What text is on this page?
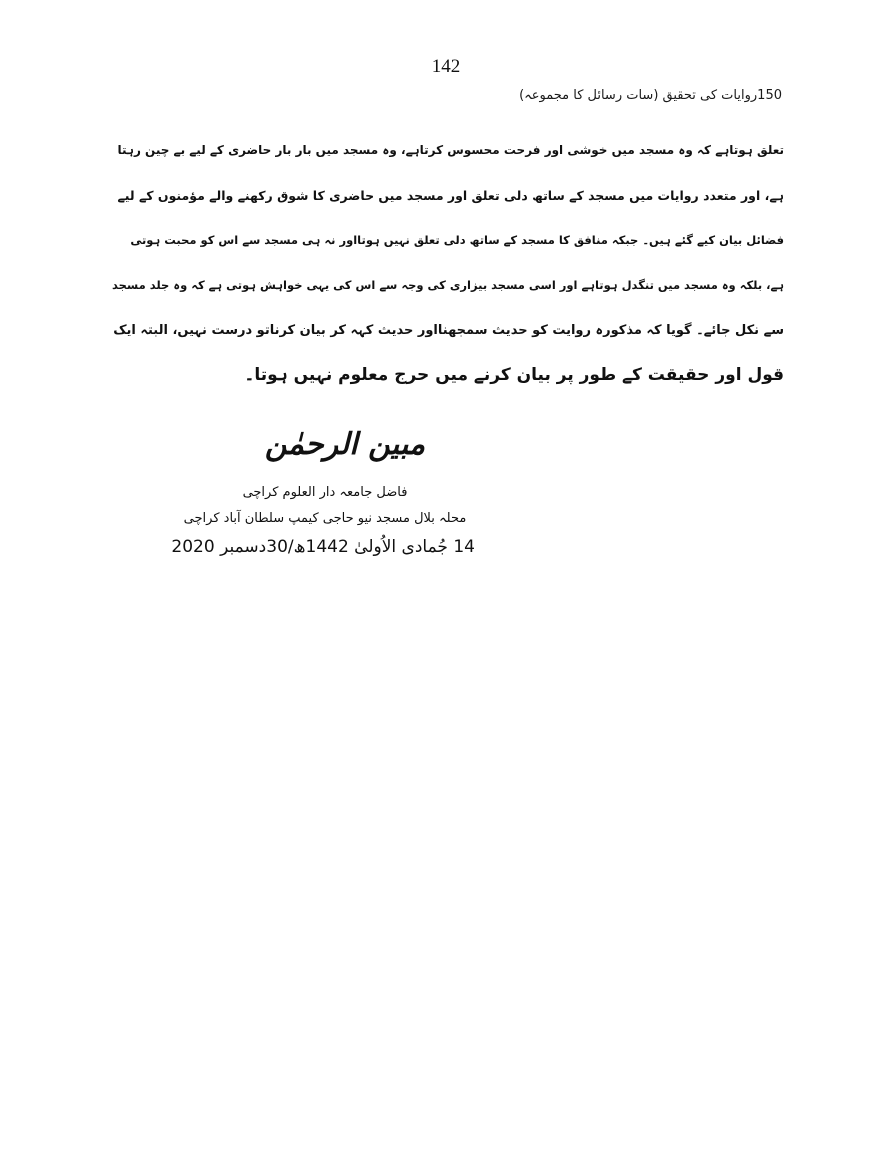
142
150روایات کی تحقیق (سات رسائل کا مجموعہ)
تعلق ہوتاہے کہ وہ مسجد میں خوشی اور فرحت محسوس کرتاہے، وہ مسجد میں بار بار حاضری کے لیے بے چین رہتا
ہے، اور متعدد روایات میں مسجد کے ساتھ دلی تعلق اور مسجد میں حاضری کا شوق رکھنے والے مؤمنوں کے لیے
فضائل بیان کیے گئے ہیں۔ جبکہ منافق کا مسجد کے ساتھ دلی تعلق نہیں ہوتااور نہ ہی مسجد سے اس کو محبت ہوتی
ہے، بلکہ وہ مسجد میں تنگدل ہوتاہے اور اسی مسجد بیزاری کی وجہ سے اس کی یہی خواہش ہوتی ہے کہ وہ جلد مسجد
سے نکل جائے۔ گویا کہ مذکورہ روایت کو حدیث سمجھنااور حدیث کہہ کر بیان کرناتو درست نہیں، البتہ ایک
قول اور حقیقت کے طور پر بیان کرنے میں حرج معلوم نہیں ہوتا۔
مبین الرحمٰن
فاضل جامعہ دار العلوم کراچی
محلہ بلال مسجد نیو حاجی کیمپ سلطان آباد کراچی
14 جُمادی الاُولیٰ 1442ھ/30دسمبر 2020
